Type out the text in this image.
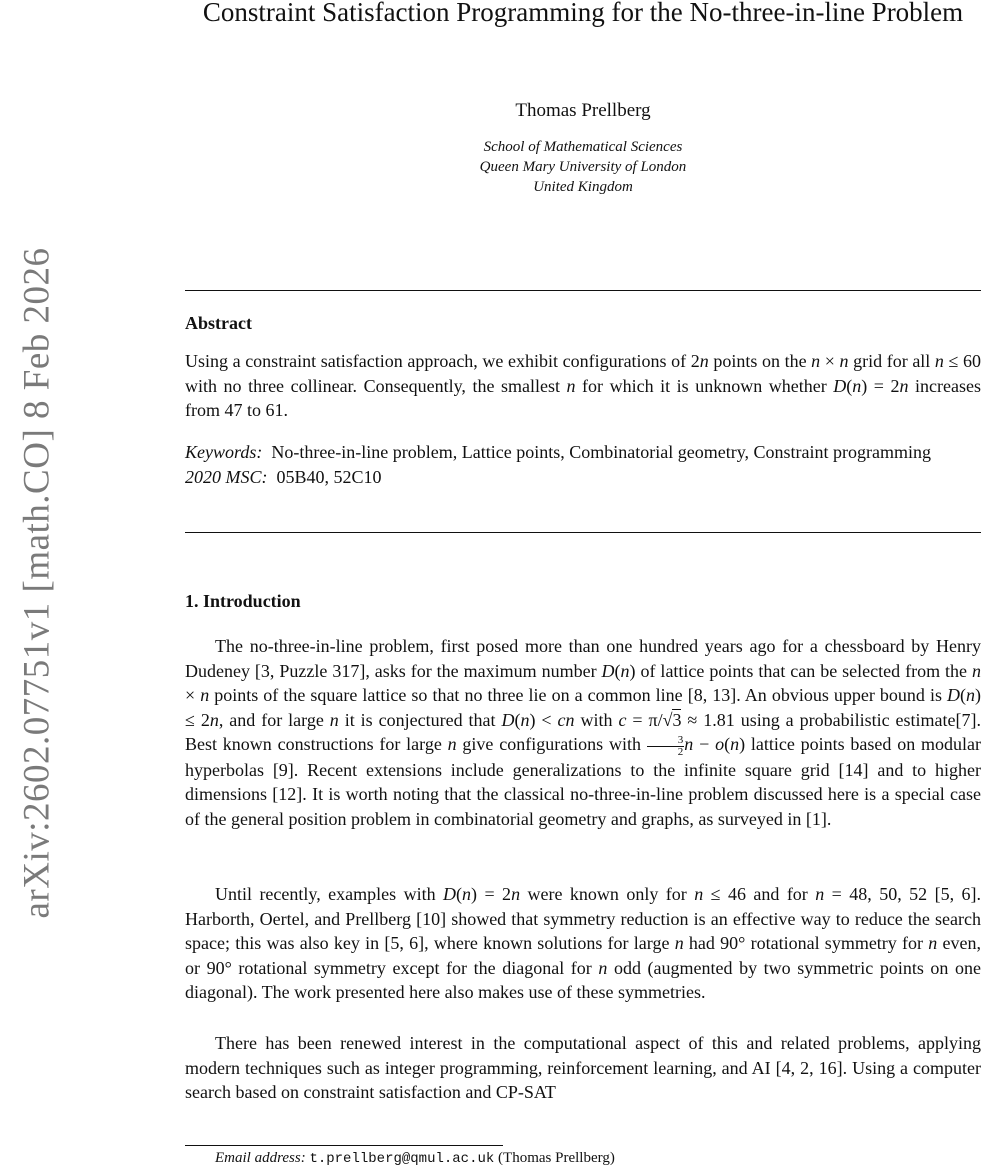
arXiv:2602.07751v1 [math.CO] 8 Feb 2026
Constraint Satisfaction Programming for the No-three-in-line Problem
Thomas Prellberg
School of Mathematical Sciences
Queen Mary University of London
United Kingdom
Abstract
Using a constraint satisfaction approach, we exhibit configurations of 2n points on the n × n grid for all n ≤ 60 with no three collinear. Consequently, the smallest n for which it is unknown whether D(n) = 2n increases from 47 to 61.
Keywords: No-three-in-line problem, Lattice points, Combinatorial geometry, Constraint programming
2020 MSC: 05B40, 52C10
1. Introduction
The no-three-in-line problem, first posed more than one hundred years ago for a chessboard by Henry Dudeney [3, Puzzle 317], asks for the maximum number D(n) of lattice points that can be selected from the n × n points of the square lattice so that no three lie on a common line [8, 13]. An obvious upper bound is D(n) ≤ 2n, and for large n it is conjectured that D(n) < cn with c = π/√3 ≈ 1.81 using a probabilistic estimate[7]. Best known constructions for large n give configurations with $\frac{3}{2}$ n − o(n) lattice points based on modular hyperbolas [9]. Recent extensions include generalizations to the infinite square grid [14] and to higher dimensions [12]. It is worth noting that the classical no-three-in-line problem discussed here is a special case of the general position problem in combinatorial geometry and graphs, as surveyed in [1].
Until recently, examples with D(n) = 2n were known only for n ≤ 46 and for n = 48, 50, 52 [5, 6]. Harborth, Oertel, and Prellberg [10] showed that symmetry reduction is an effective way to reduce the search space; this was also key in [5, 6], where known solutions for large n had 90° rotational symmetry for n even, or 90° rotational symmetry except for the diagonal for n odd (augmented by two symmetric points on one diagonal). The work presented here also makes use of these symmetries.
There has been renewed interest in the computational aspect of this and related problems, applying modern techniques such as integer programming, reinforcement learning, and AI [4, 2, 16]. Using a computer search based on constraint satisfaction and CP-SAT
Email address: t.prellberg@qmul.ac.uk (Thomas Prellberg)
